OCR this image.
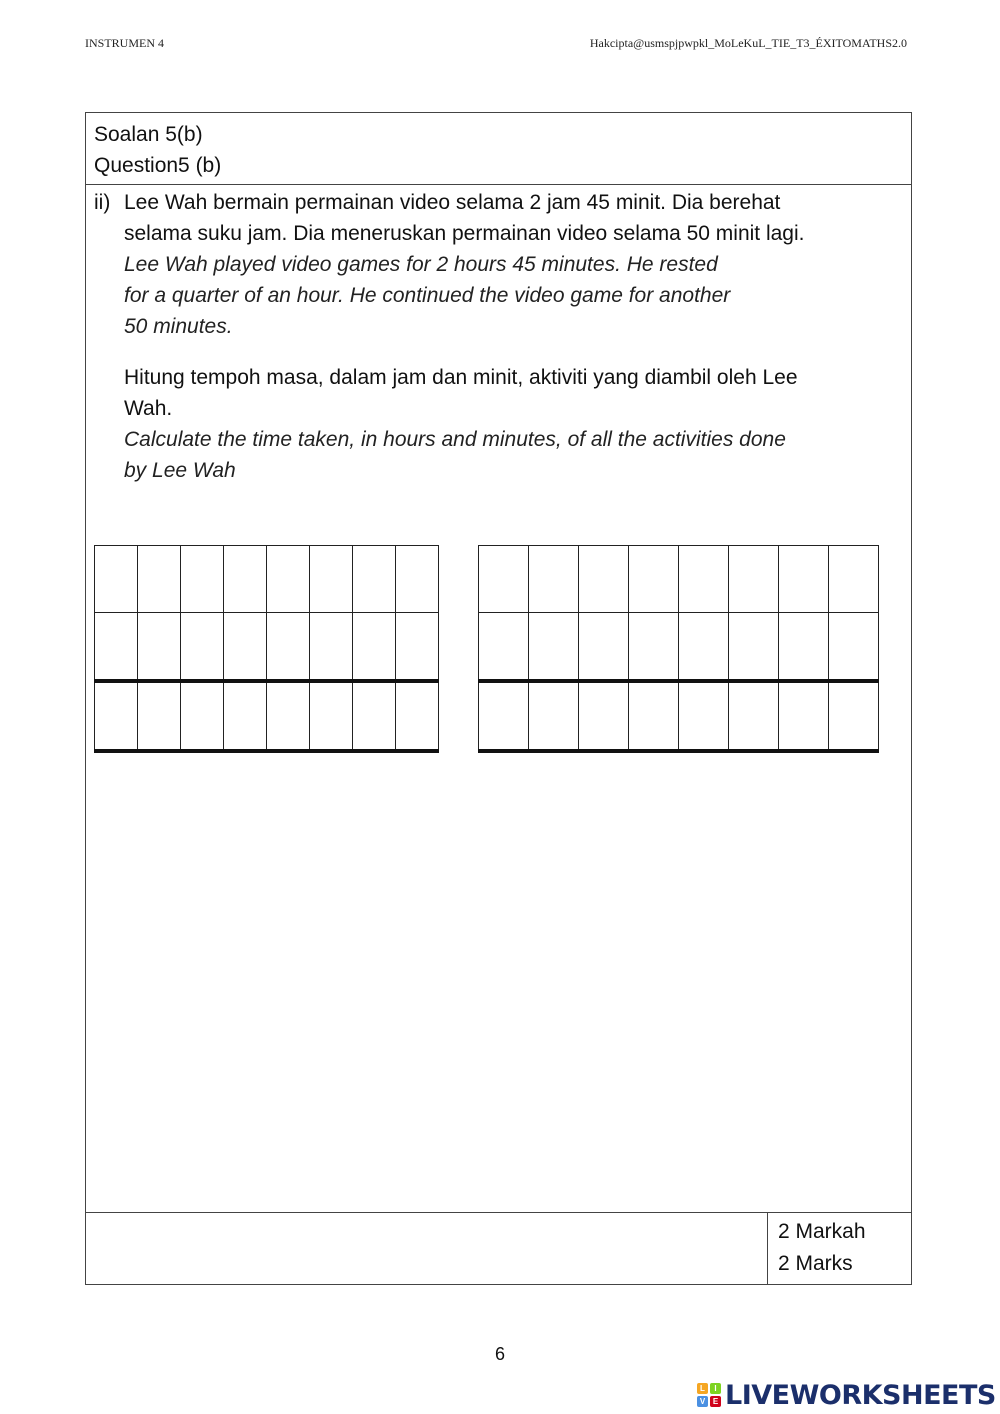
INSTRUMEN 4	Hakcipta@usmspjpwpkl_MoLeKuL_TIE_T3_ÉXITOMATHS2.0
Soalan 5(b)
Question5 (b)
ii) Lee Wah bermain permainan video selama 2 jam 45 minit. Dia berehat
selama suku jam. Dia meneruskan permainan video selama 50 minit lagi.
Lee Wah played video games for 2 hours 45 minutes. He rested
for a quarter of an hour. He continued the video game for another
50 minutes.
Hitung tempoh masa, dalam jam dan minit, aktiviti yang diambil oleh Lee
Wah.
Calculate the time taken, in hours and minutes, of all the activities done
by Lee Wah
2 Markah
2 Marks

6
L	I
V E LIVEWORKSHEETS
